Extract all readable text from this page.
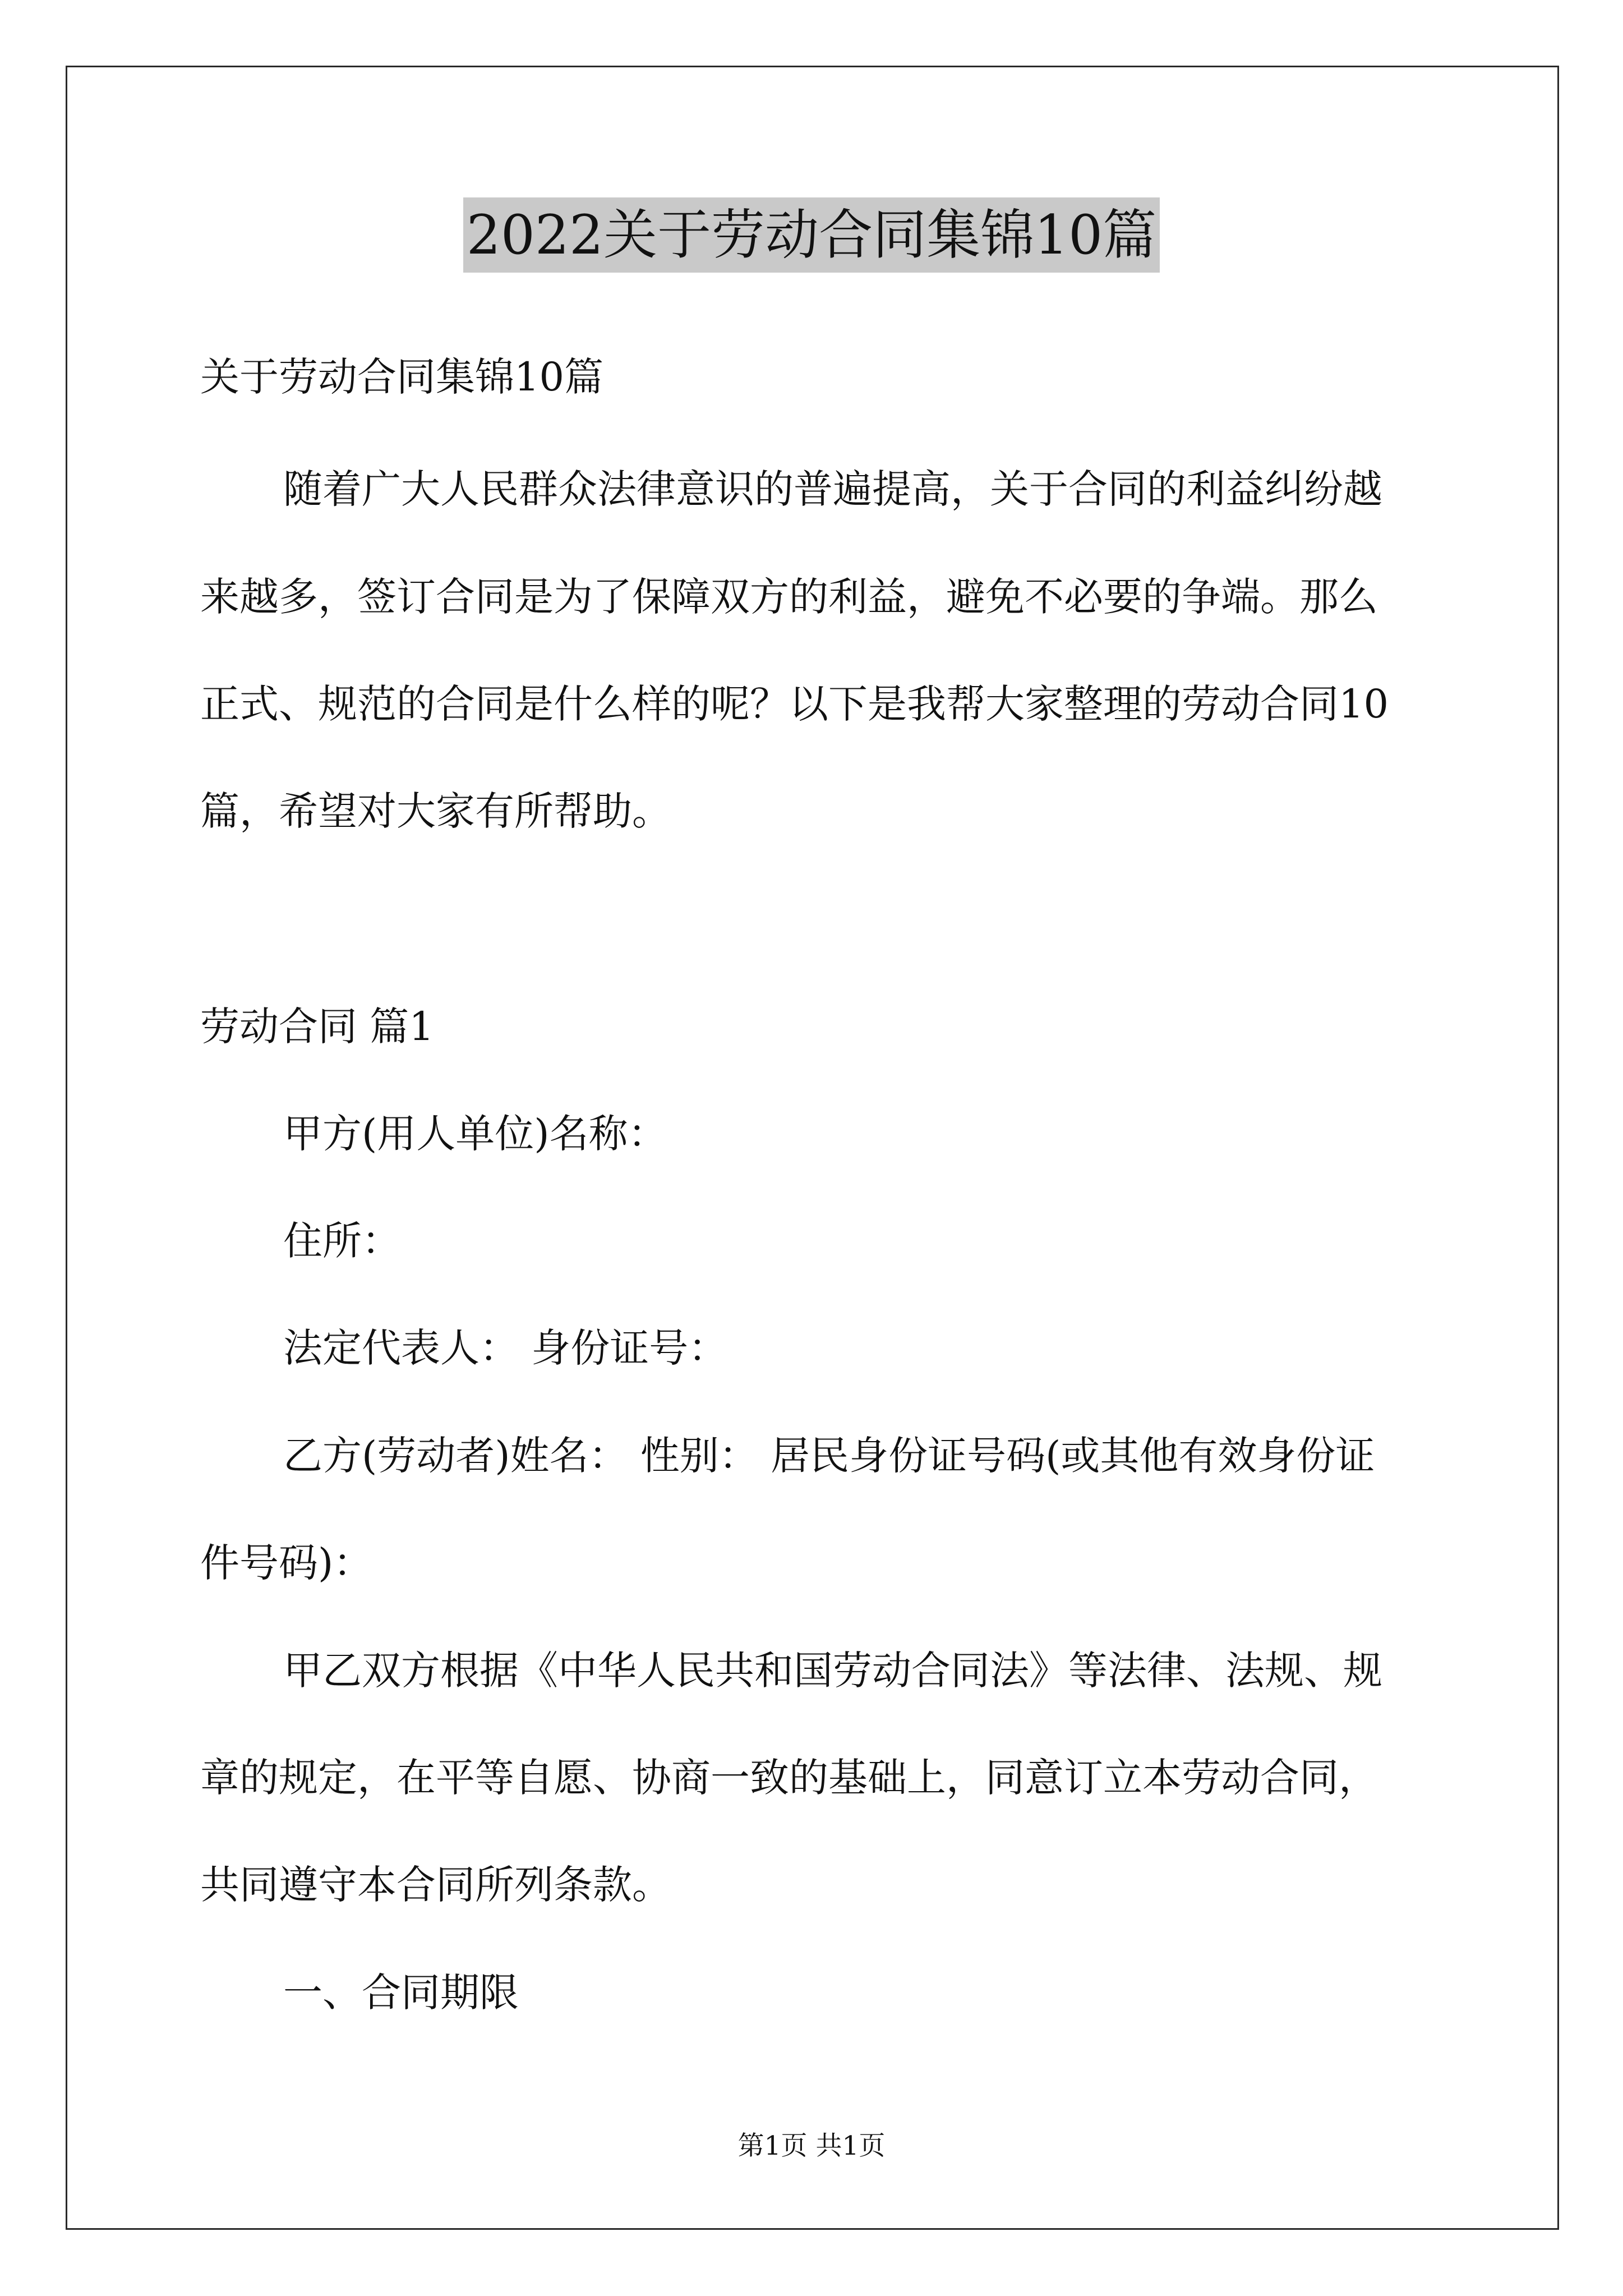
2022关于劳动合同集锦10篇
关于劳动合同集锦10篇
随着广大人民群众法律意识的普遍提高，关于合同的利益纠纷越
来越多，签订合同是为了保障双方的利益，避免不必要的争端。那么
正式、规范的合同是什么样的呢？以下是我帮大家整理的劳动合同10
篇，希望对大家有所帮助。
劳动合同 篇1
甲方(用人单位)名称：
住所：
法定代表人： 身份证号：
乙方(劳动者)姓名： 性别： 居民身份证号码(或其他有效身份证
件号码)：
甲乙双方根据《中华人民共和国劳动合同法》等法律、法规、规
章的规定，在平等自愿、协商一致的基础上，同意订立本劳动合同，
共同遵守本合同所列条款。
一、合同期限
第1页 共1页
